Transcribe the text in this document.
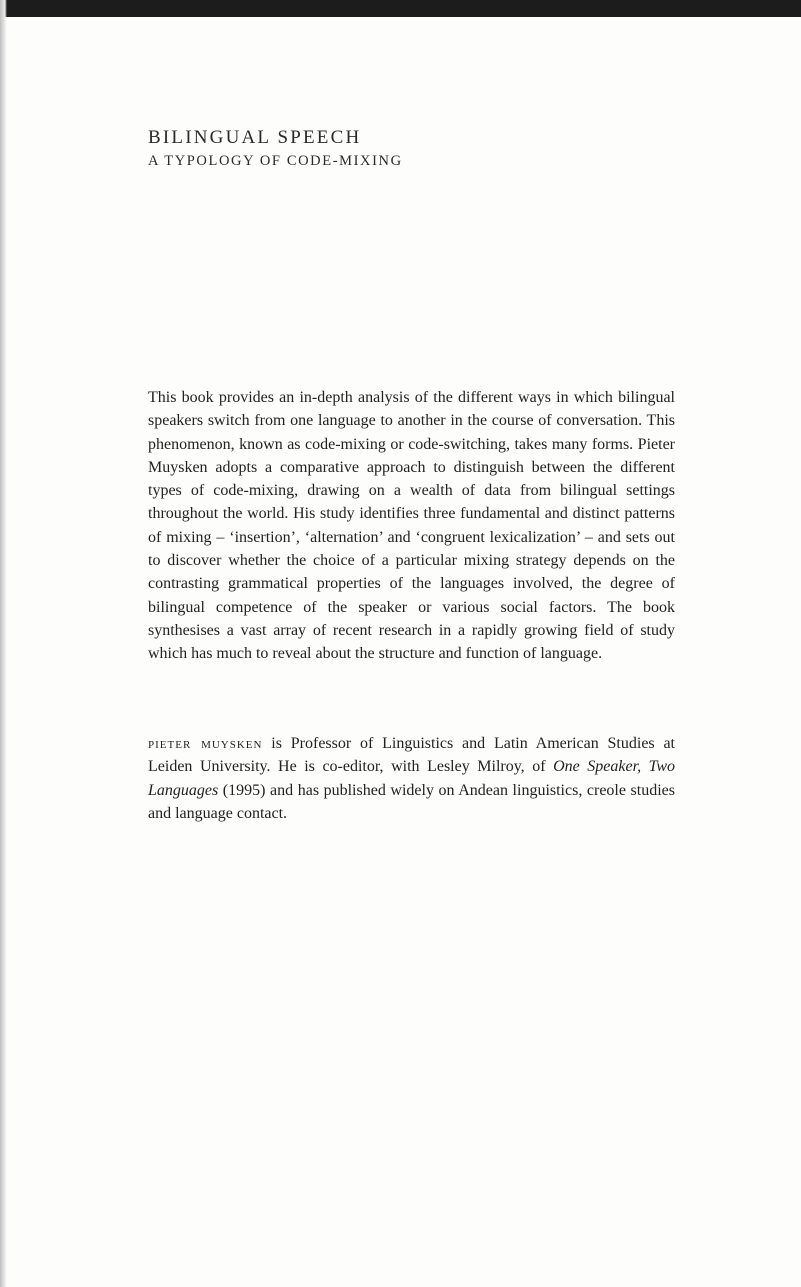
BILINGUAL SPEECH
A TYPOLOGY OF CODE-MIXING

This book provides an in-depth analysis of the different ways in which bilingual speakers switch from one language to another in the course of conversation. This phenomenon, known as code-mixing or code-switching, takes many forms. Pieter Muysken adopts a comparative approach to distinguish between the different types of code-mixing, drawing on a wealth of data from bilingual settings throughout the world. His study identifies three fundamental and distinct patterns of mixing – ‘insertion’, ‘alternation’ and ‘congruent lexicalization’ – and sets out to discover whether the choice of a particular mixing strategy depends on the contrasting grammatical properties of the languages involved, the degree of bilingual competence of the speaker or various social factors. The book synthesises a vast array of recent research in a rapidly growing field of study which has much to reveal about the structure and function of language.

pieter muysken is Professor of Linguistics and Latin American Studies at Leiden University. He is co-editor, with Lesley Milroy, of One Speaker, Two Languages (1995) and has published widely on Andean linguistics, creole studies and language contact.
